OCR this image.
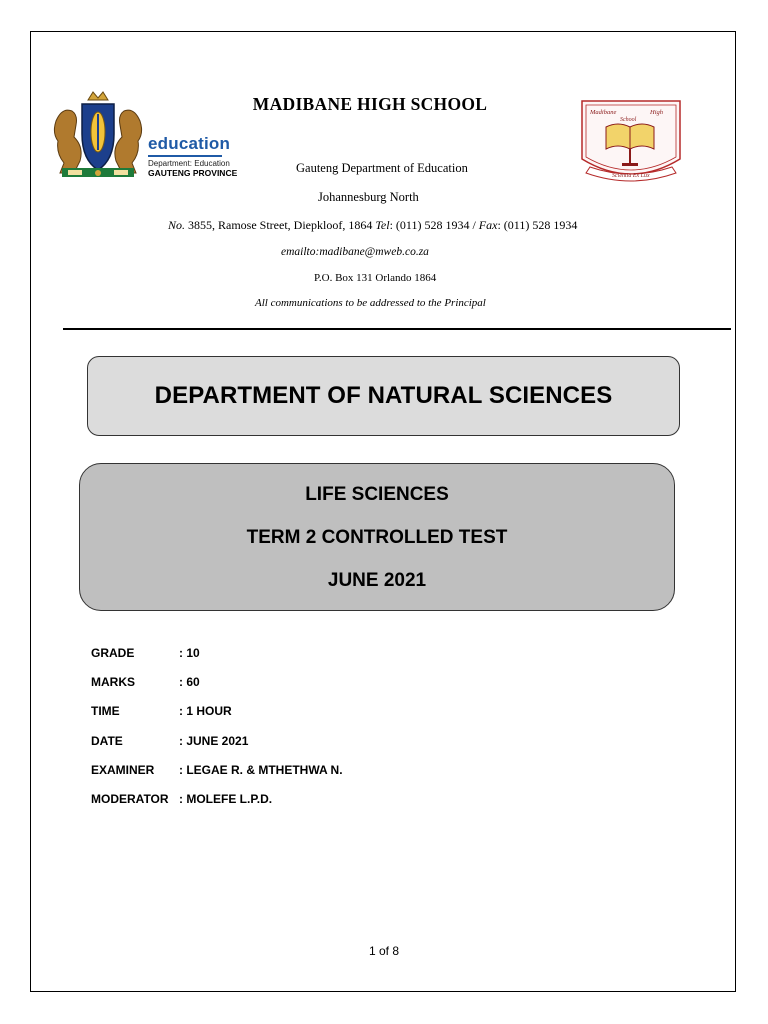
education
Department: Education
GAUTENG PROVINCE
MADIBANE HIGH SCHOOL
Gauteng Department of Education
Johannesburg North
No. 3855, Ramose Street, Diepkloof, 1864 Tel: (011) 528 1934 / Fax: (011) 528 1934
emailto:madibane@mweb.co.za
P.O. Box 131 Orlando 1864
All communications to be addressed to the Principal
Madibane	High
School
Scientia Ex Lux
DEPARTMENT OF NATURAL SCIENCES
LIFE SCIENCES
TERM 2 CONTROLLED TEST
JUNE 2021
GRADE	: 10
MARKS	: 60
TIME	: 1 HOUR
DATE	: JUNE 2021
EXAMINER : LEGAE R. & MTHETHWA N.
MODERATOR : MOLEFE L.P.D.
1 of 8
